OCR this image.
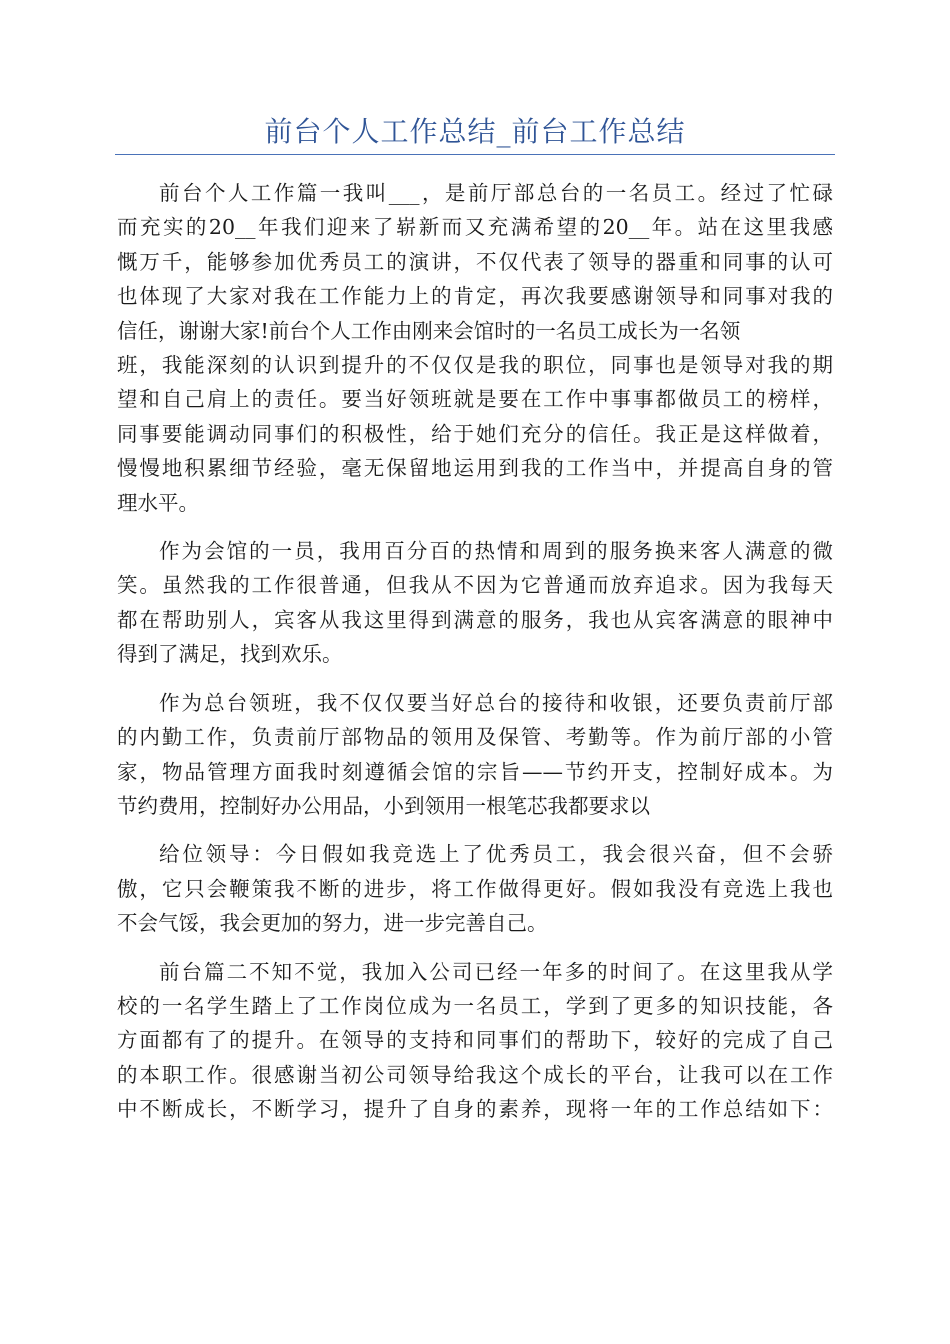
前台个人工作总结_前台工作总结
前台个人工作篇一我叫___，是前厅部总台的一名员工。经过了忙碌
而充实的20__年我们迎来了崭新而又充满希望的20__年。站在这里我感
慨万千，能够参加优秀员工的演讲，不仅代表了领导的器重和同事的认可
也体现了大家对我在工作能力上的肯定，再次我要感谢领导和同事对我的
信任，谢谢大家!前台个人工作由刚来会馆时的一名员工成长为一名领
班，我能深刻的认识到提升的不仅仅是我的职位，同事也是领导对我的期
望和自己肩上的责任。要当好领班就是要在工作中事事都做员工的榜样，
同事要能调动同事们的积极性，给于她们充分的信任。我正是这样做着，
慢慢地积累细节经验，毫无保留地运用到我的工作当中，并提高自身的管
理水平。
作为会馆的一员，我用百分百的热情和周到的服务换来客人满意的微
笑。虽然我的工作很普通，但我从不因为它普通而放弃追求。因为我每天
都在帮助别人，宾客从我这里得到满意的服务，我也从宾客满意的眼神中
得到了满足，找到欢乐。
作为总台领班，我不仅仅要当好总台的接待和收银，还要负责前厅部
的内勤工作，负责前厅部物品的领用及保管、考勤等。作为前厅部的小管
家，物品管理方面我时刻遵循会馆的宗旨——节约开支，控制好成本。为
节约费用，控制好办公用品，小到领用一根笔芯我都要求以
给位领导：今日假如我竞选上了优秀员工，我会很兴奋，但不会骄
傲，它只会鞭策我不断的进步，将工作做得更好。假如我没有竞选上我也
不会气馁，我会更加的努力，进一步完善自己。
前台篇二不知不觉，我加入公司已经一年多的时间了。在这里我从学
校的一名学生踏上了工作岗位成为一名员工，学到了更多的知识技能，各
方面都有了的提升。在领导的支持和同事们的帮助下，较好的完成了自己
的本职工作。很感谢当初公司领导给我这个成长的平台，让我可以在工作
中不断成长，不断学习，提升了自身的素养，现将一年的工作总结如下：
